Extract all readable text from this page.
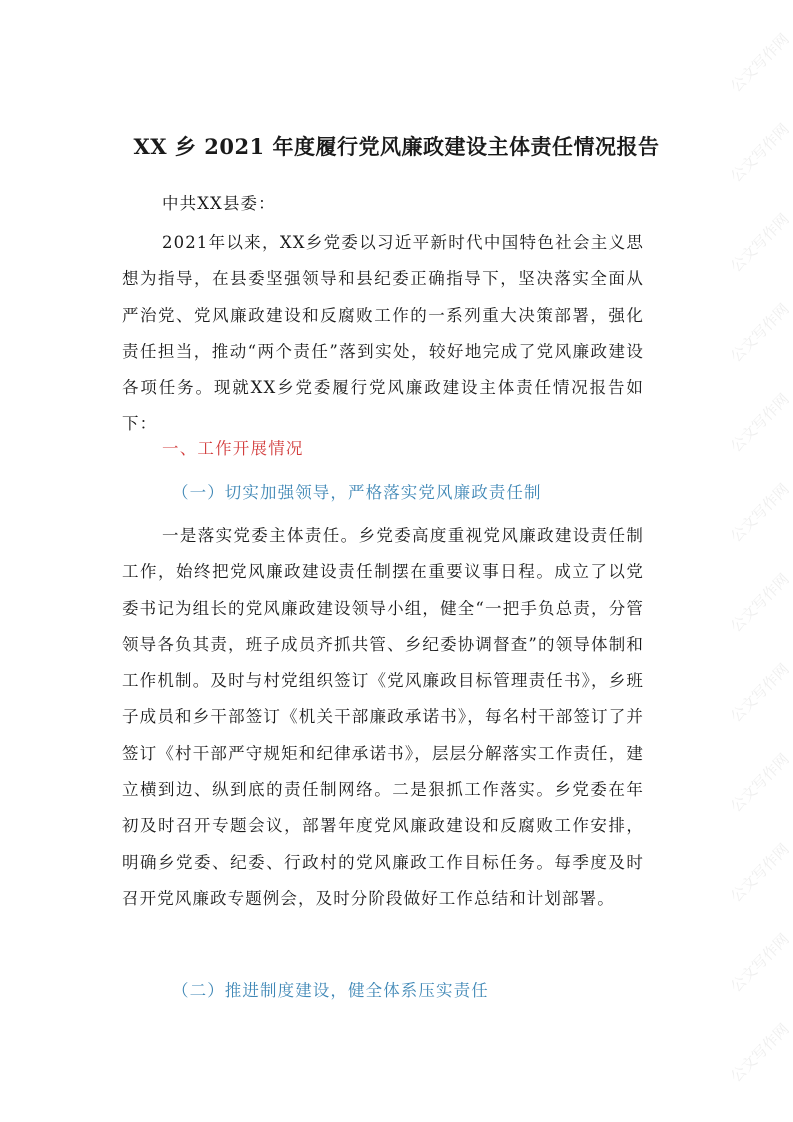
公文写作网
公文写作网
公文写作网
公文写作网
公文写作网
公文写作网
公文写作网
公文写作网
公文写作网
公文写作网
公文写作网
公文写作网
XX 乡 2021 年度履行党风廉政建设主体责任情况报告
中共XX县委：
2021年以来，XX乡党委以习近平新时代中国特色社会主义思想为指导，在县委坚强领导和县纪委正确指导下，坚决落实全面从严治党、党风廉政建设和反腐败工作的一系列重大决策部署，强化责任担当，推动“两个责任”落到实处，较好地完成了党风廉政建设各项任务。现就XX乡党委履行党风廉政建设主体责任情况报告如下：
一、工作开展情况
（一）切实加强领导，严格落实党风廉政责任制
一是落实党委主体责任。乡党委高度重视党风廉政建设责任制工作，始终把党风廉政建设责任制摆在重要议事日程。成立了以党委书记为组长的党风廉政建设领导小组，健全“一把手负总责，分管领导各负其责，班子成员齐抓共管、乡纪委协调督查”的领导体制和工作机制。及时与村党组织签订《党风廉政目标管理责任书》，乡班子成员和乡干部签订《机关干部廉政承诺书》，每名村干部签订了并签订《村干部严守规矩和纪律承诺书》，层层分解落实工作责任，建立横到边、纵到底的责任制网络。二是狠抓工作落实。乡党委在年初及时召开专题会议，部署年度党风廉政建设和反腐败工作安排，明确乡党委、纪委、行政村的党风廉政工作目标任务。每季度及时召开党风廉政专题例会，及时分阶段做好工作总结和计划部署。
（二）推进制度建设，健全体系压实责任
